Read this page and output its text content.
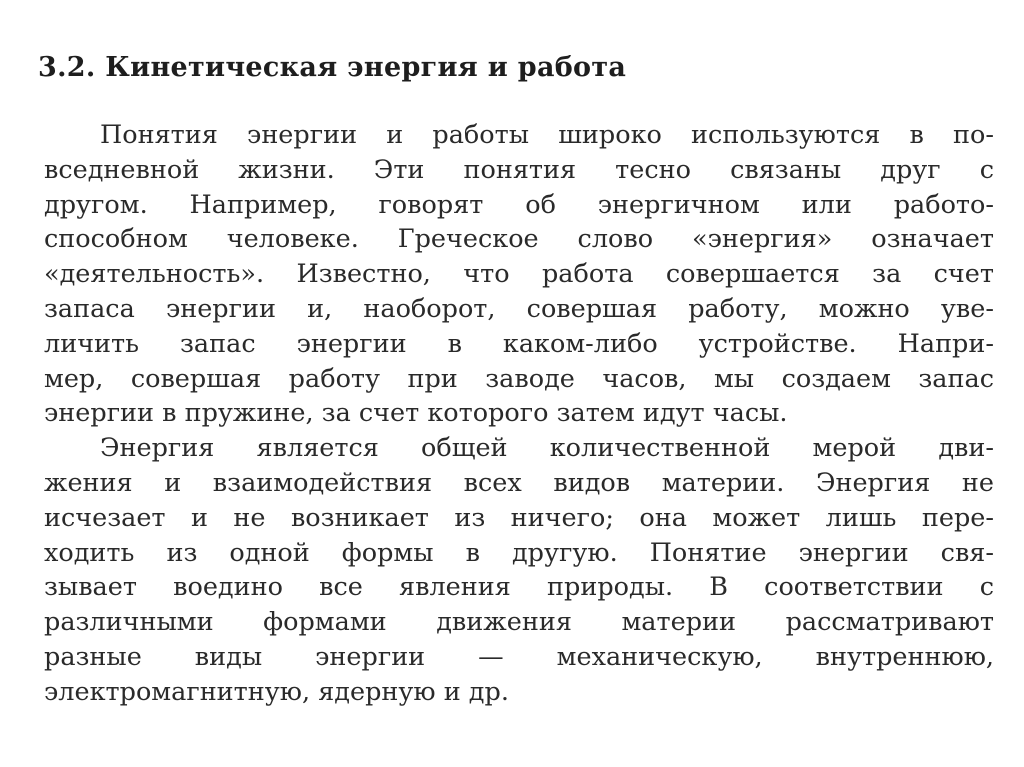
3.2. Кинетическая энергия и работа
Понятия энергии и работы широко используются в по-
вседневной жизни. Эти понятия тесно связаны друг с
другом. Например, говорят об энергичном или работо-
способном человеке. Греческое слово «энергия» означает
«деятельность». Известно, что работа совершается за счет
запаса энергии и, наоборот, совершая работу, можно уве-
личить запас энергии в каком-либо устройстве. Напри-
мер, совершая работу при заводе часов, мы создаем запас
энергии в пружине, за счет которого затем идут часы.
Энергия является общей количественной мерой дви-
жения и взаимодействия всех видов материи. Энергия не
исчезает и не возникает из ничего; она может лишь пере-
ходить из одной формы в другую. Понятие энергии свя-
зывает воедино все явления природы. В соответствии с
различными формами движения материи рассматривают
разные виды энергии — механическую, внутреннюю,
электромагнитную, ядерную и др.
